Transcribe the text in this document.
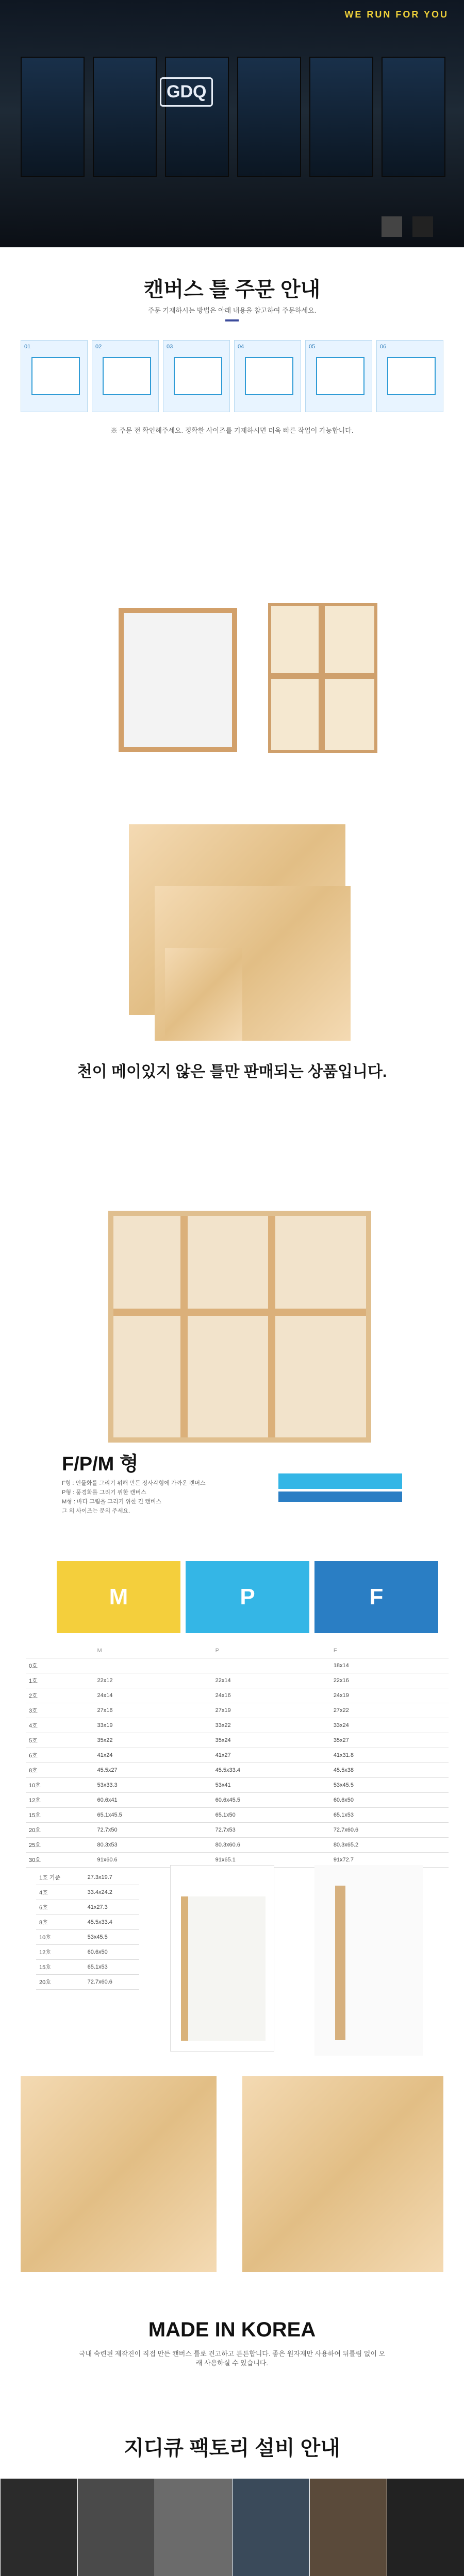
WE RUN FOR YOU
GDQ
캔버스 틀 주문 안내
주문 기재하시는 방법은 아래 내용을 참고하여 주문하세요.
01	02	03	04	05	06
※ 주문 전 확인해주세요. 정확한 사이즈를 기재하시면 더욱 빠른 작업이 가능합니다.
천이 메이있지 않은 틀만 판매되는 상품입니다.
F/P/M 형
F형 : 인물화를 그리기 위해 만든 정사각형에 가까운 캔버스
P형 : 풍경화를 그리기 위한 캔버스
M형 : 바다 그림을 그리기 위한 긴 캔버스
그 외 사이즈는 문의 주세요.
M	P	F
	M	P	F
0호			18x14
1호	22x12	22x14	22x16
2호	24x14	24x16	24x19
3호	27x16	27x19	27x22
4호	33x19	33x22	33x24
5호	35x22	35x24	35x27
6호	41x24	41x27	41x31.8
8호	45.5x27	45.5x33.4	45.5x38
10호	53x33.3	53x41	53x45.5
12호	60.6x41	60.6x45.5	60.6x50
15호	65.1x45.5	65.1x50	65.1x53
20호	72.7x50	72.7x53	72.7x60.6
25호	80.3x53	80.3x60.6	80.3x65.2
30호	91x60.6	91x65.1	91x72.7
1호 기준	27.3x19.7
4호	33.4x24.2
6호	41x27.3
8호	45.5x33.4
10호	53x45.5
12호	60.6x50
15호	65.1x53
20호	72.7x60.6
MADE IN KOREA
국내 숙련된 제작진이 직접 만든 캔버스 틀로 견고하고 튼튼합니다. 좋은 원자재만 사용하여 뒤틀림 없이 오래 사용하실 수 있습니다.
지디큐 팩토리 설비 안내
